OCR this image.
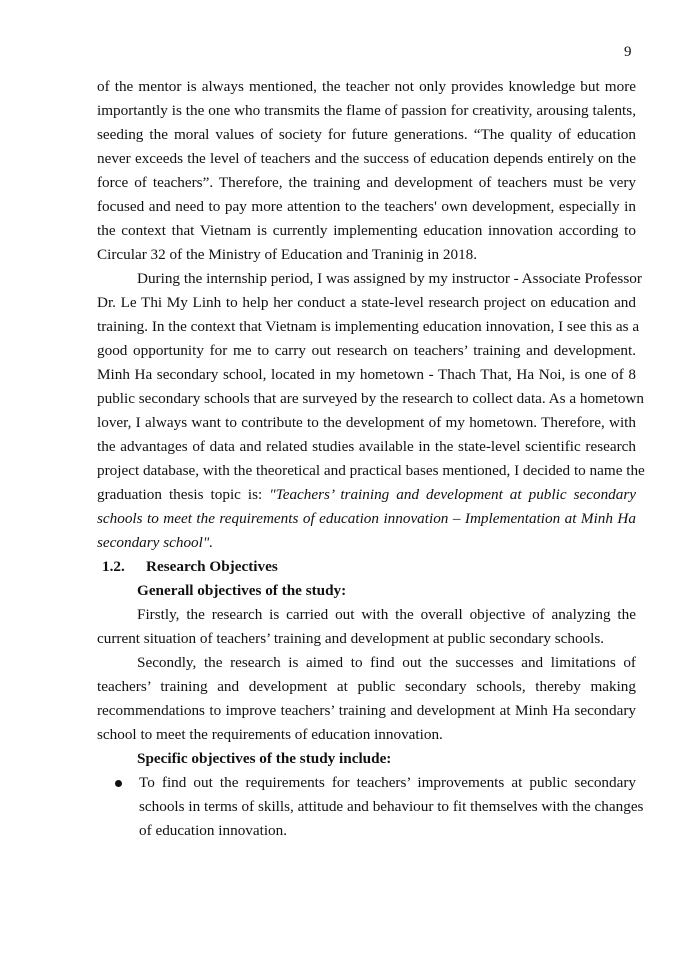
9
of the mentor is always mentioned, the teacher not only provides knowledge but more
importantly is the one who transmits the flame of passion for creativity, arousing talents,
seeding the moral values of society for future generations. “The quality of education
never exceeds the level of teachers and the success of education depends entirely on the
force of teachers”. Therefore, the training and development of teachers must be very
focused and need to pay more attention to the teachers' own development, especially in
the context that Vietnam is currently implementing education innovation according to
Circular 32 of the Ministry of Education and Traninig in 2018.
During the internship period, I was assigned by my instructor - Associate Professor
Dr. Le Thi My Linh to help her conduct a state-level research project on education and
training. In the context that Vietnam is implementing education innovation, I see this as a
good opportunity for me to carry out research on teachers’ training and development.
Minh Ha secondary school, located in my hometown - Thach That, Ha Noi, is one of 8
public secondary schools that are surveyed by the research to collect data. As a hometown
lover, I always want to contribute to the development of my hometown. Therefore, with
the advantages of data and related studies available in the state-level scientific research
project database, with the theoretical and practical bases mentioned, I decided to name the
graduation thesis topic is: "Teachers’ training and development at public secondary
schools to meet the requirements of education innovation – Implementation at Minh Ha
secondary school".
1.2.	Research Objectives
Generall objectives of the study:
Firstly, the research is carried out with the overall objective of analyzing the
current situation of teachers’ training and development at public secondary schools.
Secondly, the research is aimed to find out the successes and limitations of
teachers’ training and development at public secondary schools, thereby making
recommendations to improve teachers’ training and development at Minh Ha secondary
school to meet the requirements of education innovation.
Specific objectives of the study include:
To find out the requirements for teachers’ improvements at public secondary
schools in terms of skills, attitude and behaviour to fit themselves with the changes
of education innovation.
